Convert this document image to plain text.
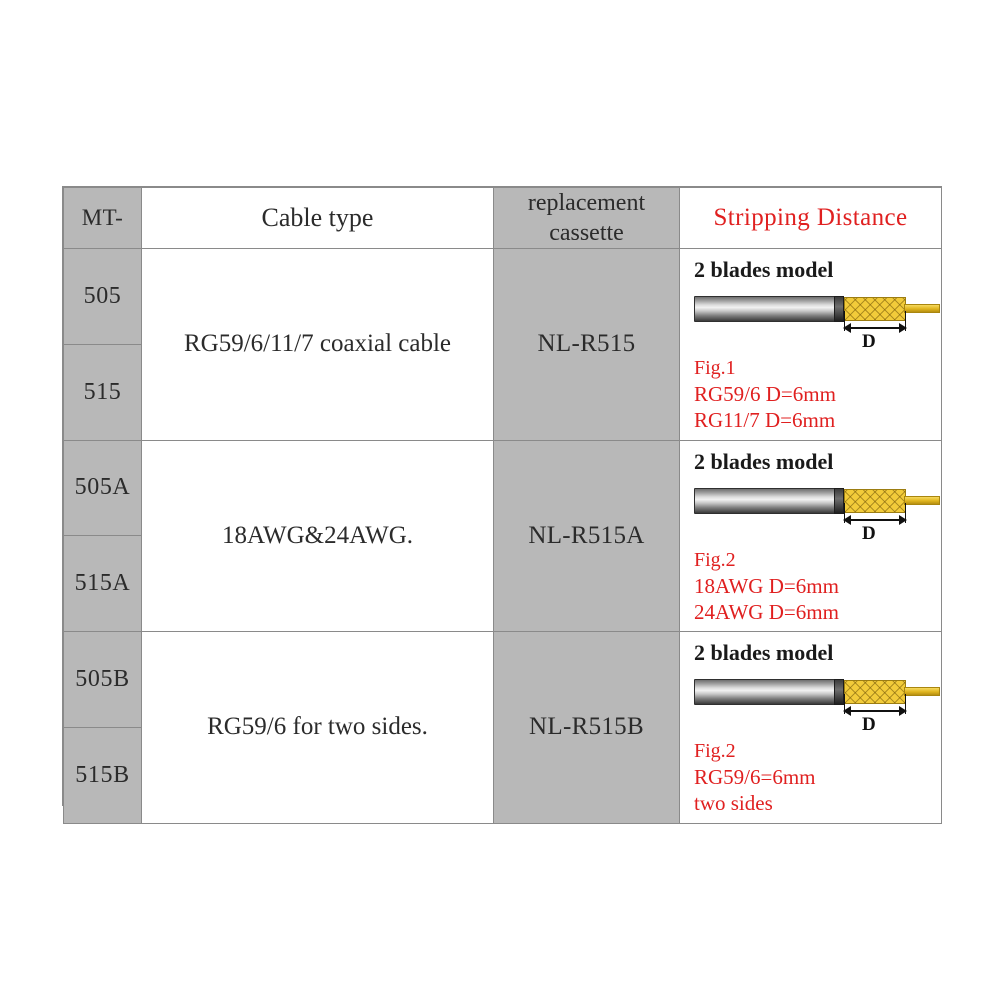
MT-	Cable type	replacement
cassette	Stripping Distance
505	RG59/6/11/7 coaxial cable	NL-R515	2 blades model
D
Fig.1
RG59/6 D=6mm
RG11/7 D=6mm

515			
505A	18AWG&24AWG.	NL-R515A	2 blades model
D
Fig.2
18AWG D=6mm
24AWG D=6mm

515A			
505B	RG59/6 for two sides.	NL-R515B	2 blades model
D
Fig.2
RG59/6=6mm
two sides

515B			
